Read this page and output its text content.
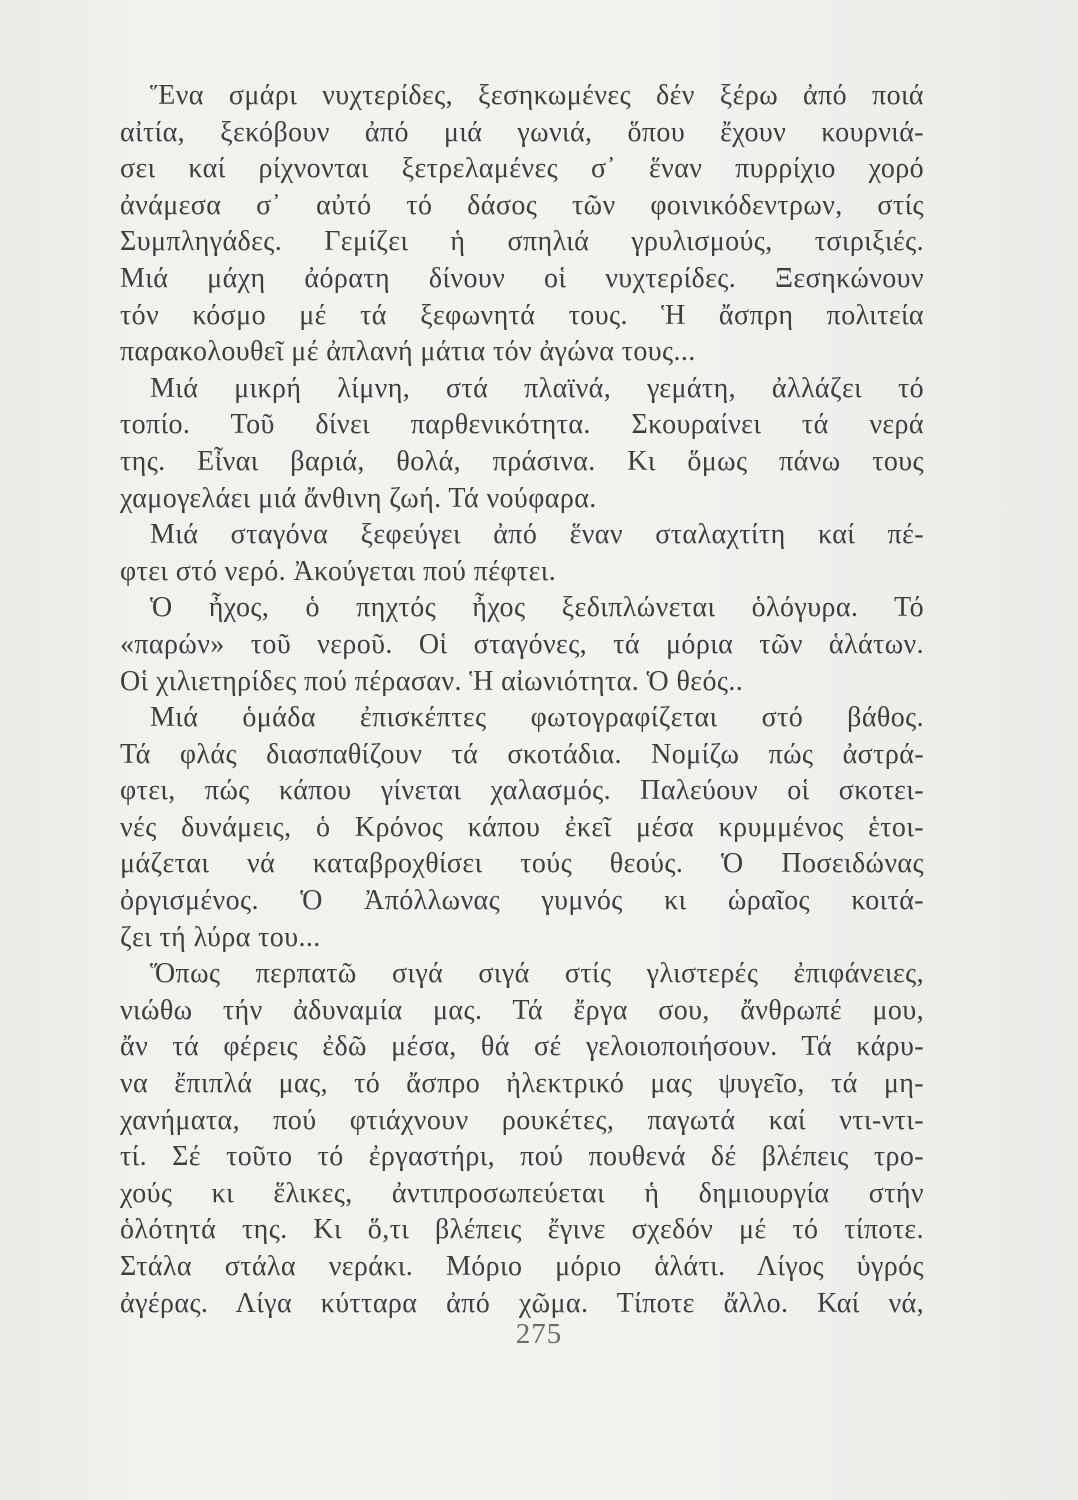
Ἕνα σμάρι νυχτερίδες, ξεσηκωμένες δέν ξέρω ἀπό ποιά
αἰτία, ξεκόβουν ἀπό μιά γωνιά, ὅπου ἔχουν κουρνιά-
σει καί ρίχνονται ξετρελαμένες σ᾽ ἕναν πυρρίχιο χορό
ἀνάμεσα σ᾽ αὐτό τό δάσος τῶν φοινικόδεντρων, στίς
Συμπληγάδες. Γεμίζει ἡ σπηλιά γρυλισμούς, τσιριξιές.
Μιά μάχη ἀόρατη δίνουν οἱ νυχτερίδες. Ξεσηκώνουν
τόν κόσμο μέ τά ξεφωνητά τους. Ἡ ἄσπρη πολιτεία
παρακολουθεῖ μέ ἀπλανή μάτια τόν ἀγώνα τους...
Μιά μικρή λίμνη, στά πλαϊνά, γεμάτη, ἀλλάζει τό
τοπίο. Τοῦ δίνει παρθενικότητα. Σκουραίνει τά νερά
της. Εἶναι βαριά, θολά, πράσινα. Κι ὅμως πάνω τους
χαμογελάει μιά ἄνθινη ζωή. Τά νούφαρα.
Μιά σταγόνα ξεφεύγει ἀπό ἕναν σταλαχτίτη καί πέ-
φτει στό νερό. Ἀκούγεται πού πέφτει.
Ὁ ἦχος, ὁ πηχτός ἦχος ξεδιπλώνεται ὁλόγυρα. Τό
«παρών» τοῦ νεροῦ. Οἱ σταγόνες, τά μόρια τῶν ἁλάτων.
Οἱ χιλιετηρίδες πού πέρασαν. Ἡ αἰωνιότητα. Ὁ θεός..
Μιά ὁμάδα ἐπισκέπτες φωτογραφίζεται στό βάθος.
Τά φλάς διασπαθίζουν τά σκοτάδια. Νομίζω πώς ἀστρά-
φτει, πώς κάπου γίνεται χαλασμός. Παλεύουν οἱ σκοτει-
νές δυνάμεις, ὁ Κρόνος κάπου ἐκεῖ μέσα κρυμμένος ἑτοι-
μάζεται νά καταβροχθίσει τούς θεούς. Ὁ Ποσειδώνας
ὀργισμένος. Ὁ Ἀπόλλωνας γυμνός κι ὡραῖος κοιτά-
ζει τή λύρα του...
Ὅπως περπατῶ σιγά σιγά στίς γλιστερές ἐπιφάνειες,
νιώθω τήν ἀδυναμία μας. Τά ἔργα σου, ἄνθρωπέ μου,
ἄν τά φέρεις ἐδῶ μέσα, θά σέ γελοιοποιήσουν. Τά κάρυ-
να ἔπιπλά μας, τό ἄσπρο ἠλεκτρικό μας ψυγεῖο, τά μη-
χανήματα, πού φτιάχνουν ρουκέτες, παγωτά καί ντι-ντι-
τί. Σέ τοῦτο τό ἐργαστήρι, πού πουθενά δέ βλέπεις τρο-
χούς κι ἕλικες, ἀντιπροσωπεύεται ἡ δημιουργία στήν
ὁλότητά της. Κι ὅ,τι βλέπεις ἔγινε σχεδόν μέ τό τίποτε.
Στάλα στάλα νεράκι. Μόριο μόριο ἁλάτι. Λίγος ὑγρός
ἀγέρας. Λίγα κύτταρα ἀπό χῶμα. Τίποτε ἄλλο. Καί νά,
275
